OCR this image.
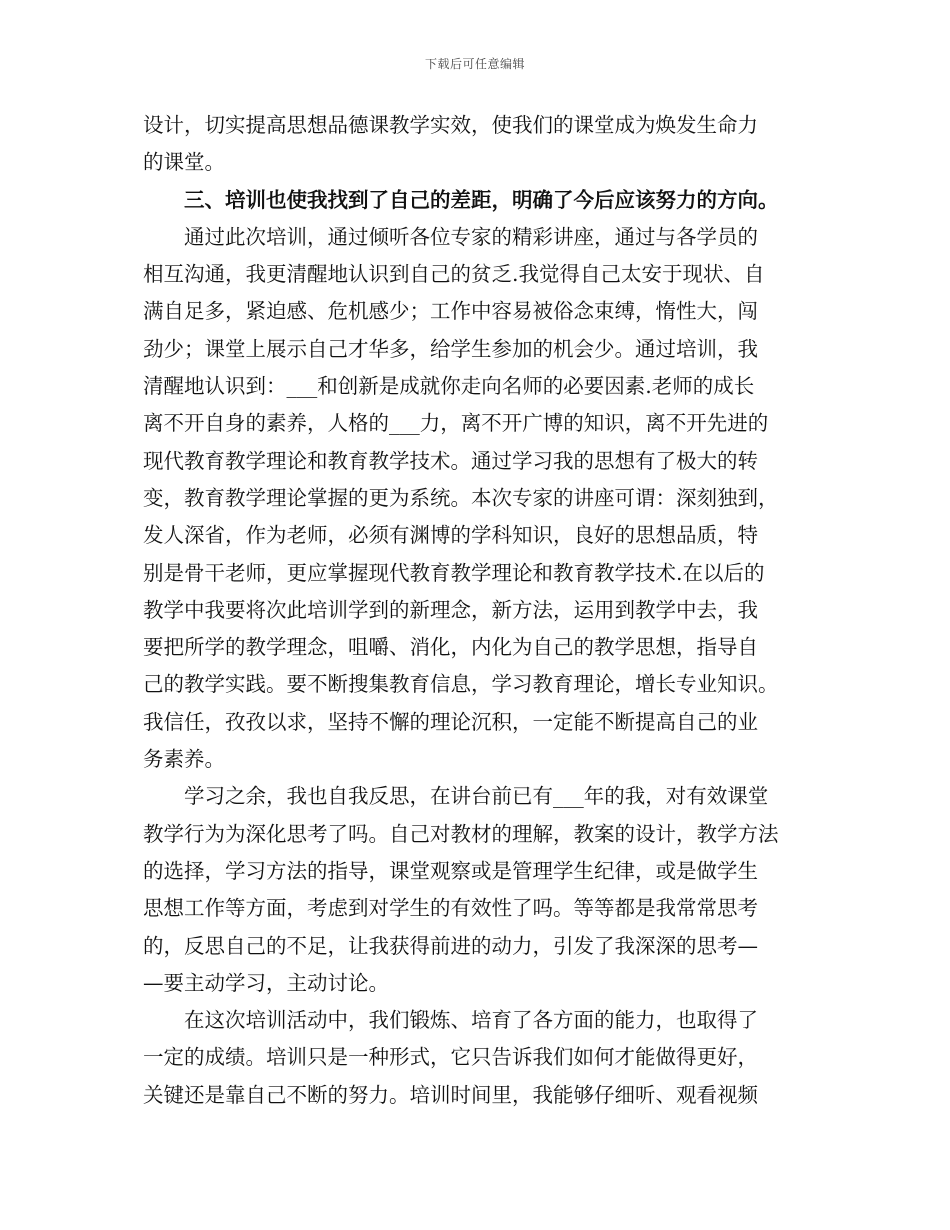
下载后可任意编辑
设计，切实提高思想品德课教学实效，使我们的课堂成为焕发生命力
的课堂。
　　三、培训也使我找到了自己的差距，明确了今后应该努力的方向。
　　通过此次培训，通过倾听各位专家的精彩讲座，通过与各学员的
相互沟通，我更清醒地认识到自己的贫乏.我觉得自己太安于现状、自
满自足多，紧迫感、危机感少；工作中容易被俗念束缚，惰性大，闯
劲少；课堂上展示自己才华多，给学生参加的机会少。通过培训，我
清醒地认识到：___和创新是成就你走向名师的必要因素.老师的成长
离不开自身的素养，人格的___力，离不开广博的知识，离不开先进的
现代教育教学理论和教育教学技术。通过学习我的思想有了极大的转
变，教育教学理论掌握的更为系统。本次专家的讲座可谓：深刻独到，
发人深省，作为老师，必须有渊博的学科知识，良好的思想品质，特
别是骨干老师，更应掌握现代教育教学理论和教育教学技术.在以后的
教学中我要将次此培训学到的新理念，新方法，运用到教学中去，我
要把所学的教学理念，咀嚼、消化，内化为自己的教学思想，指导自
己的教学实践。要不断搜集教育信息，学习教育理论，增长专业知识。
我信任，孜孜以求，坚持不懈的理论沉积，一定能不断提高自己的业
务素养。
　　学习之余，我也自我反思，在讲台前已有___年的我，对有效课堂
教学行为为深化思考了吗。自己对教材的理解，教案的设计，教学方法
的选择，学习方法的指导，课堂观察或是管理学生纪律，或是做学生
思想工作等方面，考虑到对学生的有效性了吗。等等都是我常常思考
的，反思自己的不足，让我获得前进的动力，引发了我深深的思考—
—要主动学习，主动讨论。
　　在这次培训活动中，我们锻炼、培育了各方面的能力，也取得了
一定的成绩。培训只是一种形式，它只告诉我们如何才能做得更好，
关键还是靠自己不断的努力。培训时间里，我能够仔细听、观看视频
